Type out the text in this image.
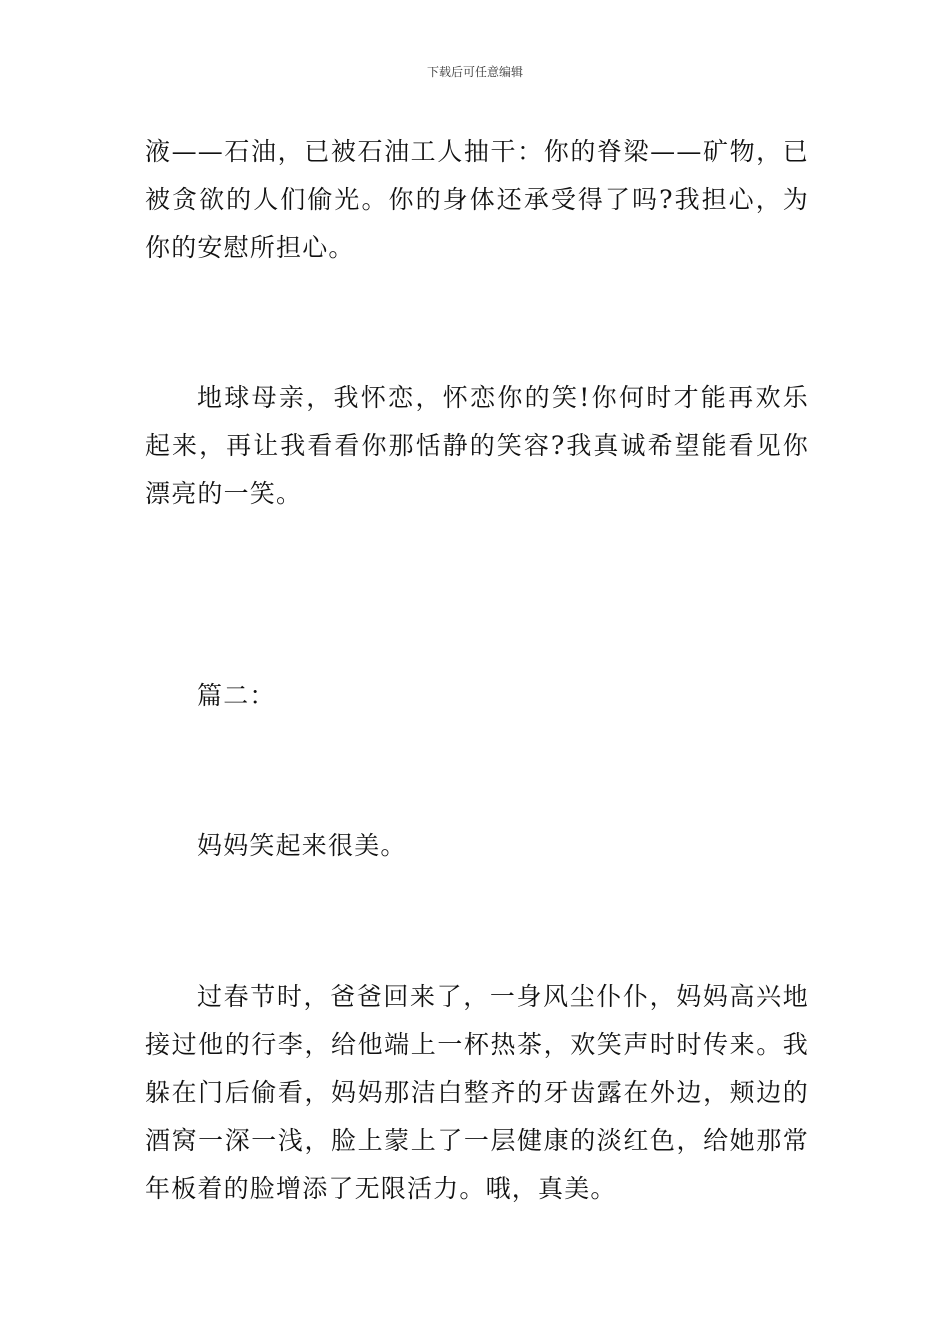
下载后可任意编辑

液——石油，已被石油工人抽干：你的脊梁——矿物，已被贪欲的人们偷光。你的身体还承受得了吗?我担心，为你的安慰所担心。

地球母亲，我怀恋，怀恋你的笑!你何时才能再欢乐起来，再让我看看你那恬静的笑容?我真诚希望能看见你漂亮的一笑。

篇二：

妈妈笑起来很美。

过春节时，爸爸回来了，一身风尘仆仆，妈妈高兴地接过他的行李，给他端上一杯热茶，欢笑声时时传来。我躲在门后偷看，妈妈那洁白整齐的牙齿露在外边，颊边的酒窝一深一浅，脸上蒙上了一层健康的淡红色，给她那常年板着的脸增添了无限活力。哦，真美。
